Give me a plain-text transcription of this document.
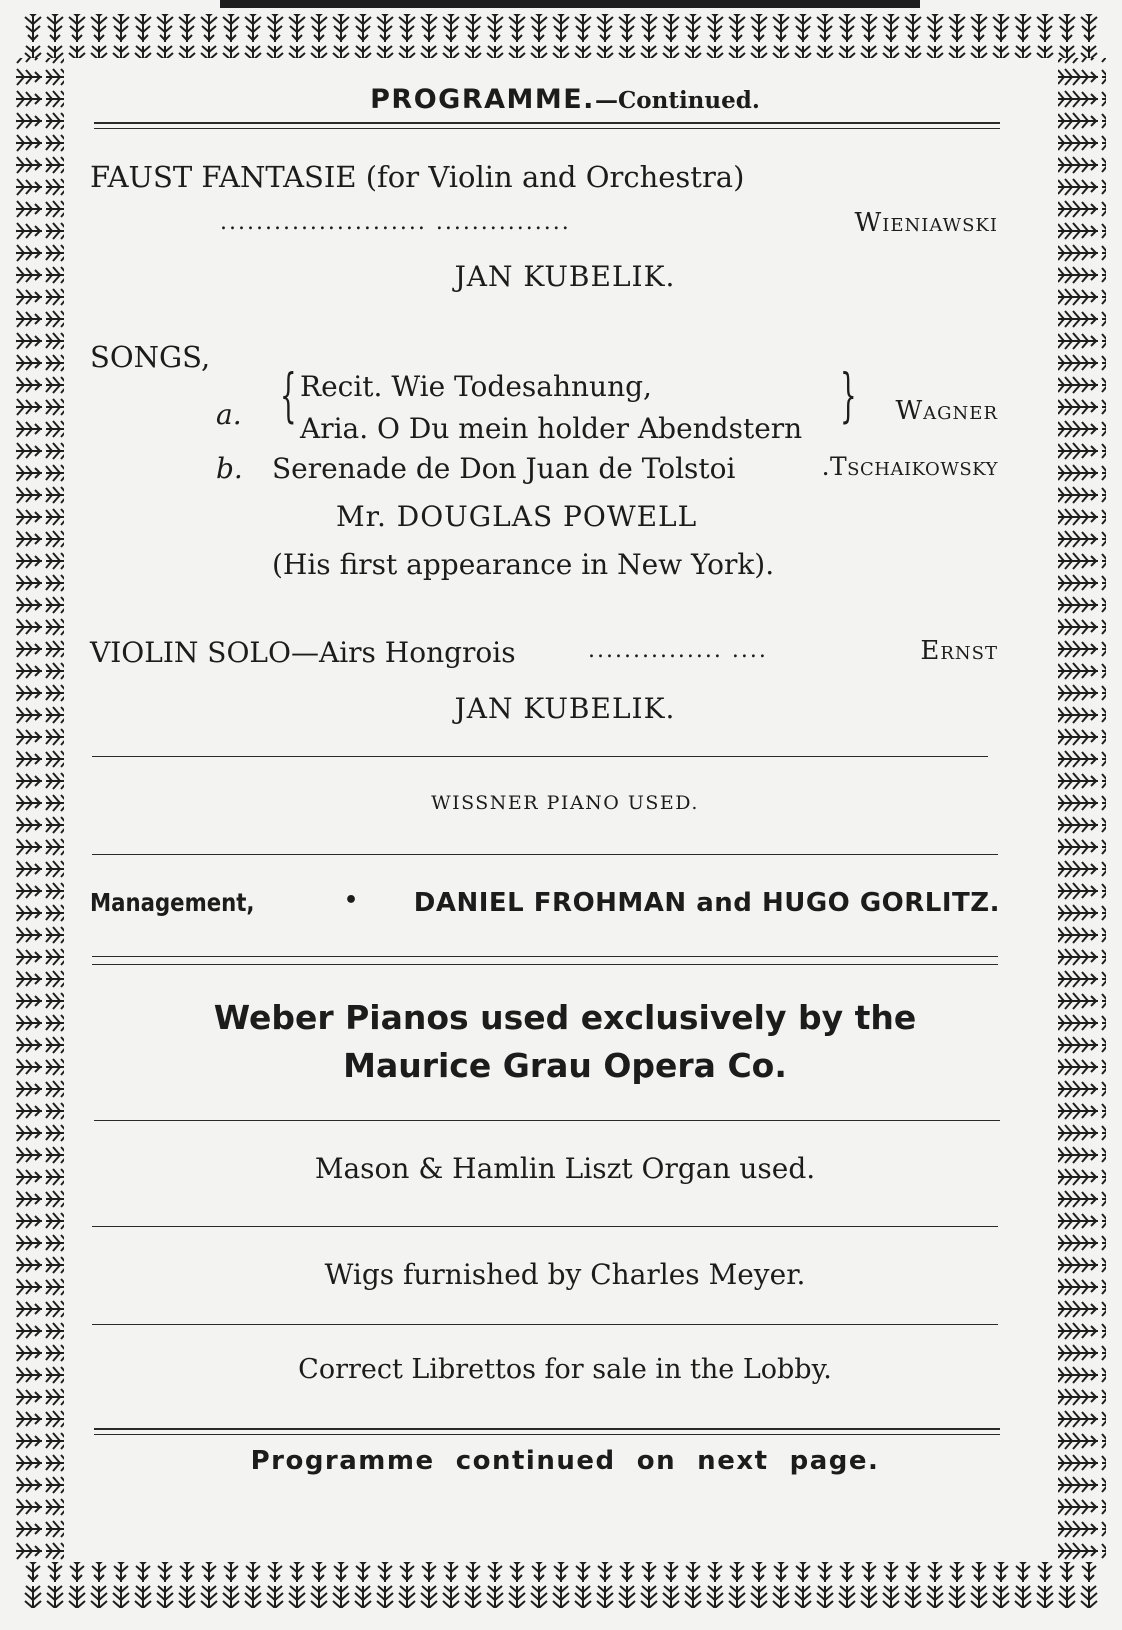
PROGRAMME.—Continued.
FAUST FANTASIE (for Violin and Orchestra)
....................... ...............	Wieniawski
JAN KUBELIK.
SONGS,
a. { Recit. Wie Todesahnung,
Aria. O Du mein holder Abendstern } Wagner
b. Serenade de Don Juan de Tolstoi	.Tschaikowsky
Mr. DOUGLAS POWELL
(His first appearance in New York).
VIOLIN SOLO—Airs Hongrois	............... ....	Ernst
JAN KUBELIK.
WISSNER PIANO USED.
Management,	• DANIEL FROHMAN and HUGO GORLITZ.
Weber Pianos used exclusively by the
Maurice Grau Opera Co.
Mason & Hamlin Liszt Organ used.
Wigs furnished by Charles Meyer.
Correct Librettos for sale in the Lobby.
Programme  continued  on  next  page.
